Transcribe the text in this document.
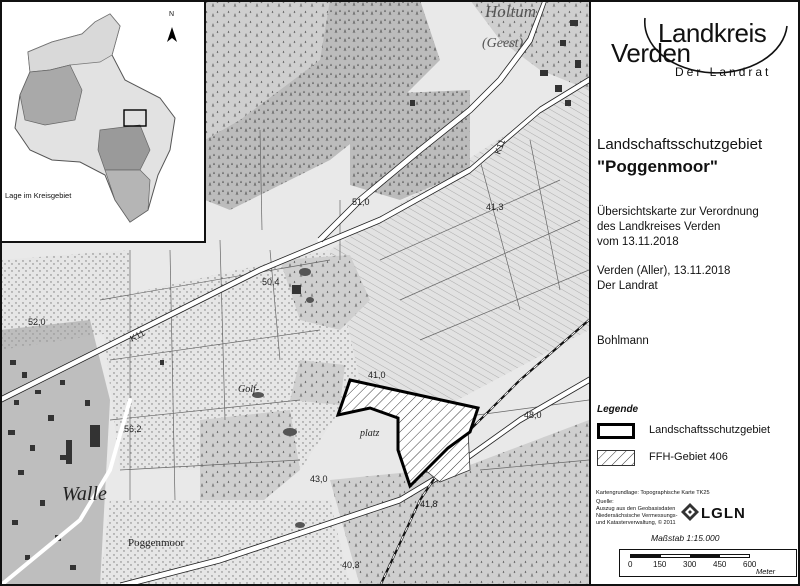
Holtum
(Geest)
Walle
Poggenmoor
Golf-
platz
K11
K11
51,0	41,3
50,4
52,0
41,0
48,0
56,2
43,0
41,8
40,3
N
Lage im Kreisgebiet
Landkreis
Verden
Der Landrat
Landschaftsschutzgebiet
"Poggenmoor"
Übersichtskarte zur Verordnung
des Landkreises Verden
vom 13.11.2018
Verden (Aller), 13.11.2018
Der Landrat
Bohlmann
Legende
Landschaftsschutzgebiet
FFH-Gebiet 406
Kartengrundlage: Topographische Karte TK25
Quelle:
Auszug aus den Geobasisdaten
Niedersächsische Vermessungs-
und Katasterverwaltung, © 2011
LGLN
Maßstab 1:15.000
0	150 300 450 600
Meter
